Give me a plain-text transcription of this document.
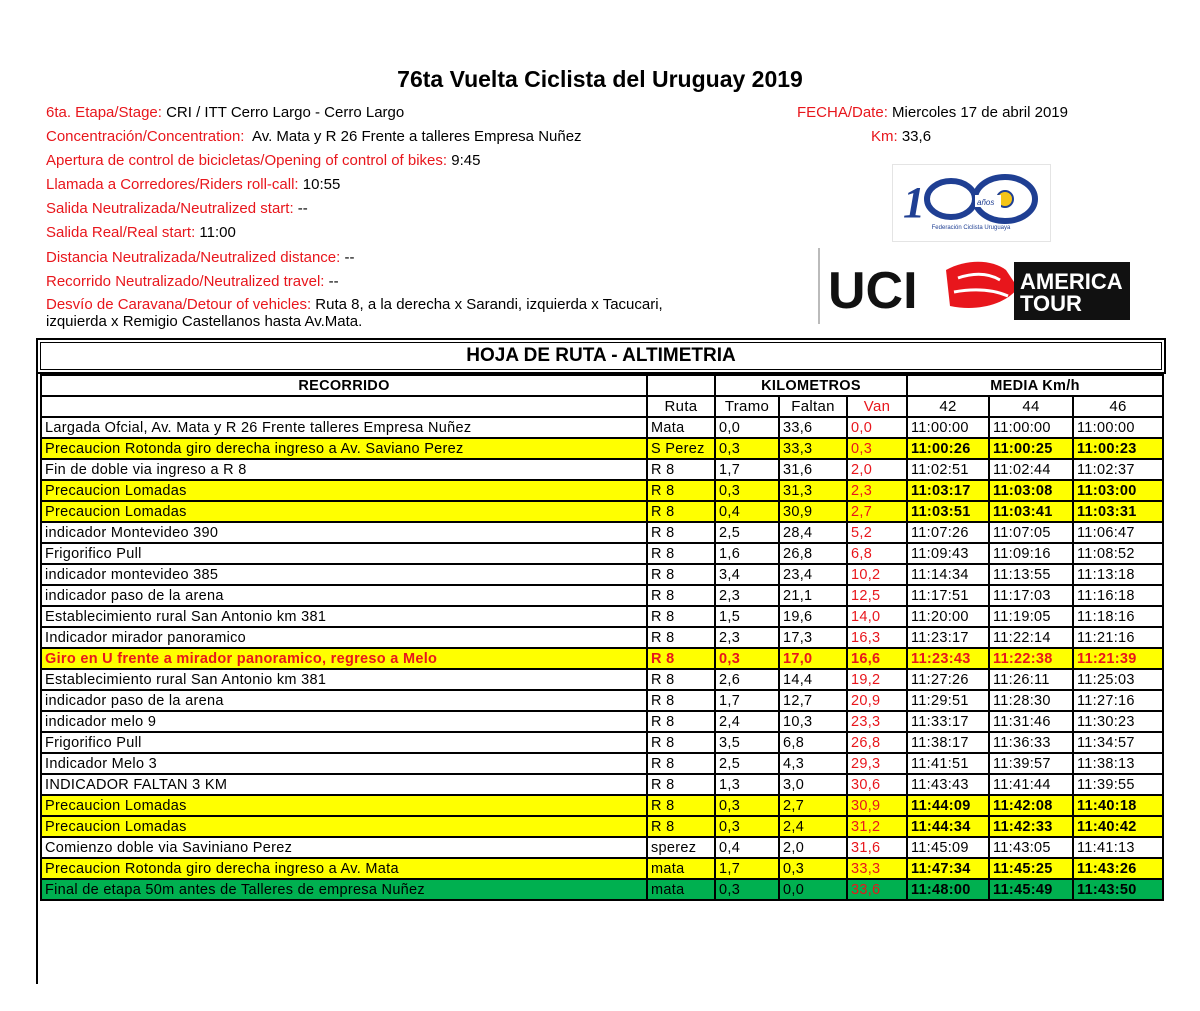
76ta Vuelta Ciclista del Uruguay 2019
6ta. Etapa/Stage: CRI / ITT Cerro Largo - Cerro Largo
Concentración/Concentration:  Av. Mata y R 26 Frente a talleres Empresa Nuñez
Apertura de control de bicicletas/Opening of control of bikes: 9:45
Llamada a Corredores/Riders roll-call: 10:55
Salida Neutralizada/Neutralized start: --
Salida Real/Real start: 11:00
Distancia Neutralizada/Neutralized distance: --
Recorrido Neutralizado/Neutralized travel: --
Desvío de Caravana/Detour of vehicles: Ruta 8, a la derecha x Sarandi, izquierda x Tacucari,
izquierda x Remigio Castellanos hasta Av.Mata.
FECHA/Date: Miercoles 17 de abril 2019
Km: 33,6
1	años
Federación Ciclista Uruguaya
UCI	AMERICA
TOUR
HOJA DE RUTA - ALTIMETRIA
RECORRIDO		KILOMETROS			MEDIA Km/h		
	Ruta	Tramo	Faltan	Van	42	44	46
Largada Ofcial, Av. Mata y R 26 Frente talleres Empresa Nuñez	Mata	0,0	33,6	0,0	11:00:00	11:00:00	11:00:00
Precaucion Rotonda giro derecha ingreso a Av. Saviano Perez	S Perez	0,3	33,3	0,3	11:00:26	11:00:25	11:00:23
Fin de doble via ingreso a R 8	R 8	1,7	31,6	2,0	11:02:51	11:02:44	11:02:37
Precaucion Lomadas	R 8	0,3	31,3	2,3	11:03:17	11:03:08	11:03:00
Precaucion Lomadas	R 8	0,4	30,9	2,7	11:03:51	11:03:41	11:03:31
indicador Montevideo 390	R 8	2,5	28,4	5,2	11:07:26	11:07:05	11:06:47
Frigorifico Pull	R 8	1,6	26,8	6,8	11:09:43	11:09:16	11:08:52
indicador montevideo 385	R 8	3,4	23,4	10,2	11:14:34	11:13:55	11:13:18
indicador paso de la arena	R 8	2,3	21,1	12,5	11:17:51	11:17:03	11:16:18
Establecimiento rural San Antonio km 381	R 8	1,5	19,6	14,0	11:20:00	11:19:05	11:18:16
Indicador mirador panoramico	R 8	2,3	17,3	16,3	11:23:17	11:22:14	11:21:16
Giro en U frente a mirador panoramico, regreso a Melo	R 8	0,3	17,0	16,6	11:23:43	11:22:38	11:21:39
Establecimiento rural San Antonio km 381	R 8	2,6	14,4	19,2	11:27:26	11:26:11	11:25:03
indicador paso de la arena	R 8	1,7	12,7	20,9	11:29:51	11:28:30	11:27:16
indicador melo 9	R 8	2,4	10,3	23,3	11:33:17	11:31:46	11:30:23
Frigorifico Pull	R 8	3,5	6,8	26,8	11:38:17	11:36:33	11:34:57
Indicador Melo 3	R 8	2,5	4,3	29,3	11:41:51	11:39:57	11:38:13
INDICADOR FALTAN 3 KM	R 8	1,3	3,0	30,6	11:43:43	11:41:44	11:39:55
Precaucion Lomadas	R 8	0,3	2,7	30,9	11:44:09	11:42:08	11:40:18
Precaucion Lomadas	R 8	0,3	2,4	31,2	11:44:34	11:42:33	11:40:42
Comienzo doble via Saviniano Perez	sperez	0,4	2,0	31,6	11:45:09	11:43:05	11:41:13
Precaucion Rotonda giro derecha ingreso a Av. Mata	mata	1,7	0,3	33,3	11:47:34	11:45:25	11:43:26
Final de etapa 50m antes de Talleres de empresa Nuñez	mata	0,3	0,0	33,6	11:48:00	11:45:49	11:43:50
